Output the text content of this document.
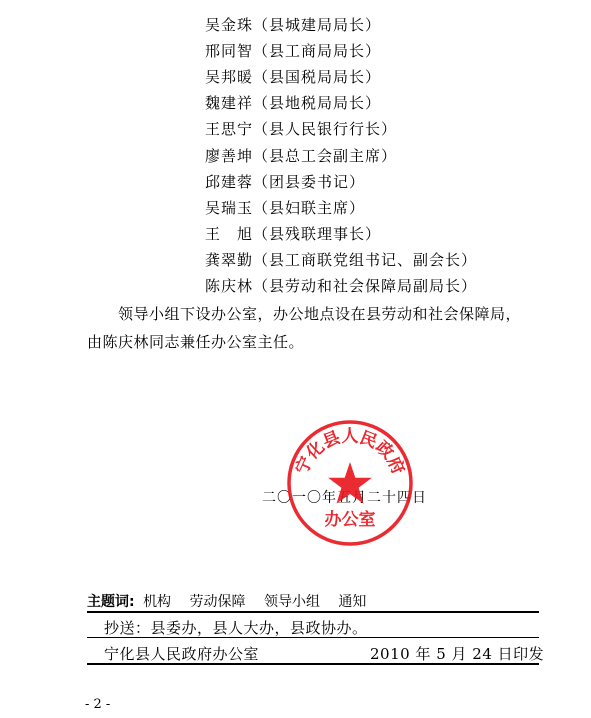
吴金珠（县城建局局长）
邢同智（县工商局局长）
吴邦暖（县国税局局长）
魏建祥（县地税局局长）
王思宁（县人民银行行长）
廖善坤（县总工会副主席）
邱建蓉（团县委书记）
吴瑞玉（县妇联主席）
王　旭（县残联理事长）
龚翠勤（县工商联党组书记、副会长）
陈庆林（县劳动和社会保障局副局长）
领导小组下设办公室，办公地点设在县劳动和社会保障局，
由陈庆林同志兼任办公室主任。
二〇一〇年五月二十四日
宁化县人民政府
办公室
主题词: 机构 劳动保障 领导小组 通知
抄送：县委办，县人大办，县政协办。
宁化县人民政府办公室	2010 年 5 月 24 日印发
- 2 -
